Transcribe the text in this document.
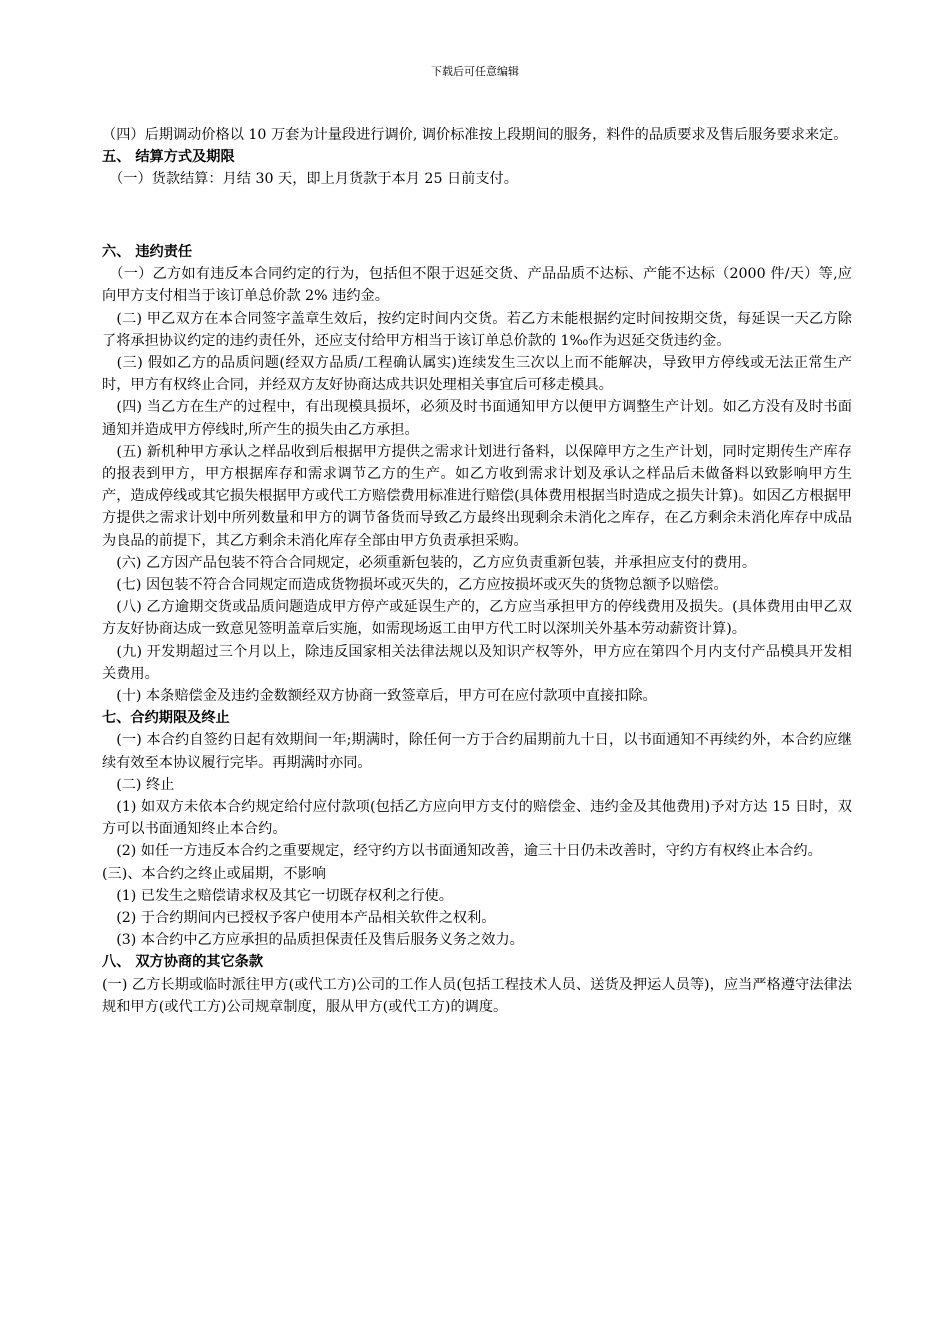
下载后可任意编辑

（四）后期调动价格以 10 万套为计量段进行调价, 调价标准按上段期间的服务，料件的品质要求及售后服务要求来定。

五、 结算方式及期限

　（一）货款结算：月结 30 天，即上月货款于本月 25 日前支付。

六、 违约责任

　（一）乙方如有违反本合同约定的行为，包括但不限于迟延交货、产品品质不达标、产能不达标（2000 件/天）等,应向甲方支付相当于该订单总价款 2% 违约金。

　(二) 甲乙双方在本合同签字盖章生效后，按约定时间内交货。若乙方未能根据约定时间按期交货，每延误一天乙方除了将承担协议约定的违约责任外，还应支付给甲方相当于该订单总价款的 1‰作为迟延交货违约金。

　(三) 假如乙方的品质问题(经双方品质/工程确认属实)连续发生三次以上而不能解决，导致甲方停线或无法正常生产时，甲方有权终止合同，并经双方友好协商达成共识处理相关事宜后可移走模具。

　(四) 当乙方在生产的过程中，有出现模具损坏，必须及时书面通知甲方以便甲方调整生产计划。如乙方没有及时书面通知并造成甲方停线时,所产生的损失由乙方承担。

　(五) 新机种甲方承认之样品收到后根据甲方提供之需求计划进行备料，以保障甲方之生产计划，同时定期传生产库存的报表到甲方，甲方根据库存和需求调节乙方的生产。如乙方收到需求计划及承认之样品后未做备料以致影响甲方生产，造成停线或其它损失根据甲方或代工方赔偿费用标准进行赔偿(具体费用根据当时造成之损失计算)。如因乙方根据甲方提供之需求计划中所列数量和甲方的调节备货而导致乙方最终出现剩余未消化之库存，在乙方剩余未消化库存中成品为良品的前提下，其乙方剩余未消化库存全部由甲方负责承担采购。

　(六) 乙方因产品包装不符合合同规定，必须重新包装的，乙方应负责重新包装，并承担应支付的费用。

　(七) 因包装不符合合同规定而造成货物损坏或灭失的，乙方应按损坏或灭失的货物总额予以赔偿。

　(八) 乙方逾期交货或品质问题造成甲方停产或延误生产的，乙方应当承担甲方的停线费用及损失。(具体费用由甲乙双方友好协商达成一致意见签明盖章后实施，如需现场返工由甲方代工时以深圳关外基本劳动薪资计算)。

　(九) 开发期超过三个月以上，除违反国家相关法律法规以及知识产权等外，甲方应在第四个月内支付产品模具开发相关费用。

　(十) 本条赔偿金及违约金数额经双方协商一致签章后，甲方可在应付款项中直接扣除。

七、合约期限及终止

　(一) 本合约自签约日起有效期间一年;期满时，除任何一方于合约届期前九十日，以书面通知不再续约外，本合约应继续有效至本协议履行完毕。再期满时亦同。

　(二) 终止

　(1) 如双方未依本合约规定给付应付款项(包括乙方应向甲方支付的赔偿金、违约金及其他费用)予对方达 15 日时，双方可以书面通知终止本合约。

　(2) 如任一方违反本合约之重要规定，经守约方以书面通知改善，逾三十日仍未改善时，守约方有权终止本合约。

(三)、本合约之终止或届期，不影响

　(1) 已发生之赔偿请求权及其它一切既存权利之行使。

　(2) 于合约期间内已授权予客户使用本产品相关软件之权利。

　(3) 本合约中乙方应承担的品质担保责任及售后服务义务之效力。

八、 双方协商的其它条款

(一) 乙方长期或临时派往甲方(或代工方)公司的工作人员(包括工程技术人员、送货及押运人员等)，应当严格遵守法律法规和甲方(或代工方)公司规章制度，服从甲方(或代工方)的调度。
